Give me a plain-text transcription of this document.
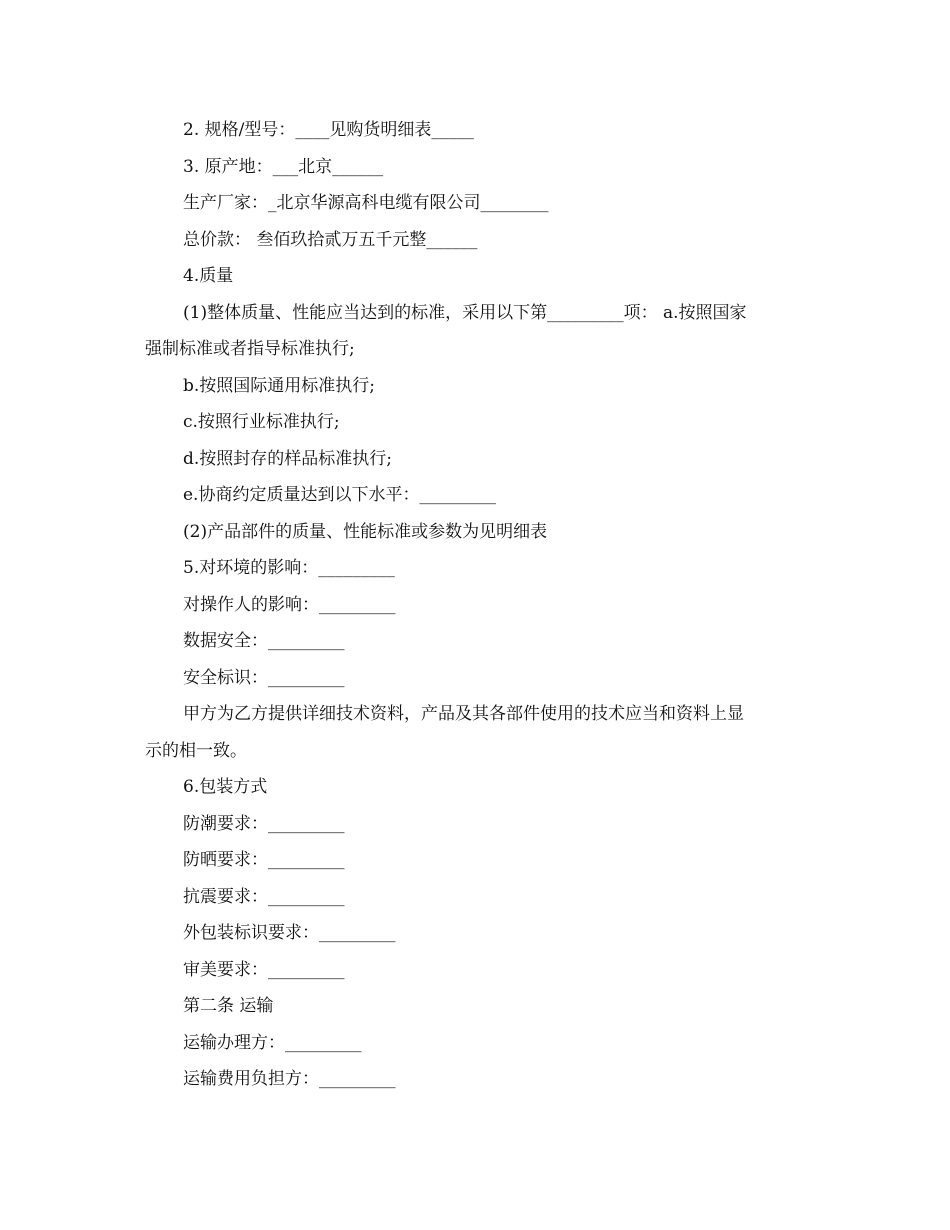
2. 规格/型号：____见购货明细表_____
3. 原产地：___北京______
生产厂家：_北京华源高科电缆有限公司________
总价款： 叁佰玖拾贰万五千元整______
4.质量
(1)整体质量、性能应当达到的标准，采用以下第_________项： a.按照国家
强制标准或者指导标准执行;
b.按照国际通用标准执行;
c.按照行业标准执行;
d.按照封存的样品标准执行;
e.协商约定质量达到以下水平：_________
(2)产品部件的质量、性能标准或参数为见明细表
5.对环境的影响：_________
对操作人的影响：_________
数据安全：_________
安全标识：_________
甲方为乙方提供详细技术资料，产品及其各部件使用的技术应当和资料上显
示的相一致。
6.包装方式
防潮要求：_________
防晒要求：_________
抗震要求：_________
外包装标识要求：_________
审美要求：_________
第二条 运输
运输办理方：_________
运输费用负担方：_________
